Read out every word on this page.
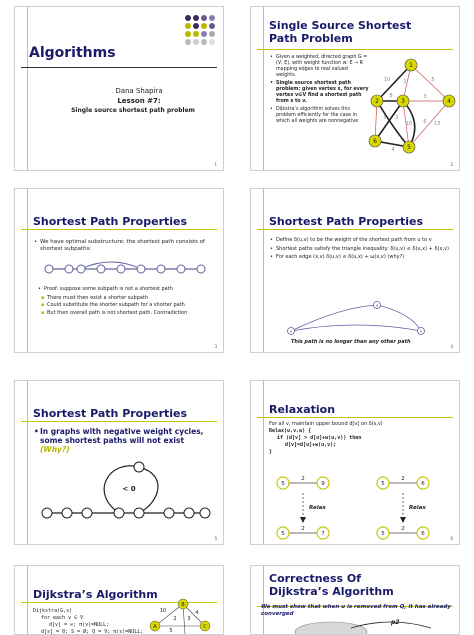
Algorithms
Dana Shapira
Lesson #7:
Single source shortest path problem
1
Single Source Shortest Path Problem
• Given a weighted, directed graph G = (V, E), with weight function w: E → R mapping edges to real valued weights.
• Single source shortest path problem: given vertex s, for every vertex v∈V find a shortest path from s to v.
• Dijkstra’s algorithm solves this problem efficiently for the case in which all weights are nonnegative
1
2	3	4
6
5
10	1	5
8	3
5 2
10 6 13
4
2
Shortest Path Properties
• We have optimal substructure: the shortest path consists of shortest subpaths:
• Proof: suppose some subpath is not a shortest path
▪ There must then exist a shorter subpath
▪ Could substitute the shorter subpath for a shorter path
▪ But then overall path is not shortest path. Contradiction
3
Shortest Path Properties
• Define δ(u,v) to be the weight of the shortest path from u to v
• Shortest paths satisfy the triangle inequality: δ(u,v) ≤ δ(u,x) + δ(x,v)
• For each edge (x,v) δ(u,v) ≤ δ(u,x) + ω(x,v) (why?)
x
u	v
This path is no longer than any other path
4
Shortest Path Properties
• In graphs with negative weight cycles, some shortest paths will not exist (Why?)
< 0
5
Relaxation
For all v, maintain upper bound d[v] on δ(s,v)
Relax(u,v,w) {
if (d[v] > d[u]+w(u,v)) then
d[v]=d[u]+w(u,v);
}
5	9
5	7
5	6
5	6
2
2
2
2
Relax	Relax
6
Dijkstra’s Algorithm
Dijkstra(G,s)
for each v ∈ V
d[v] = ∞; π(v)=NULL;
d[s] = 0; S = Ø; Q = V; π(s)=NULL;
B
A	C
10
2 3
5
4
Correctness Of Dijkstra’s Algorithm
We must show that when u is removed from Q, it has already converged
p2
